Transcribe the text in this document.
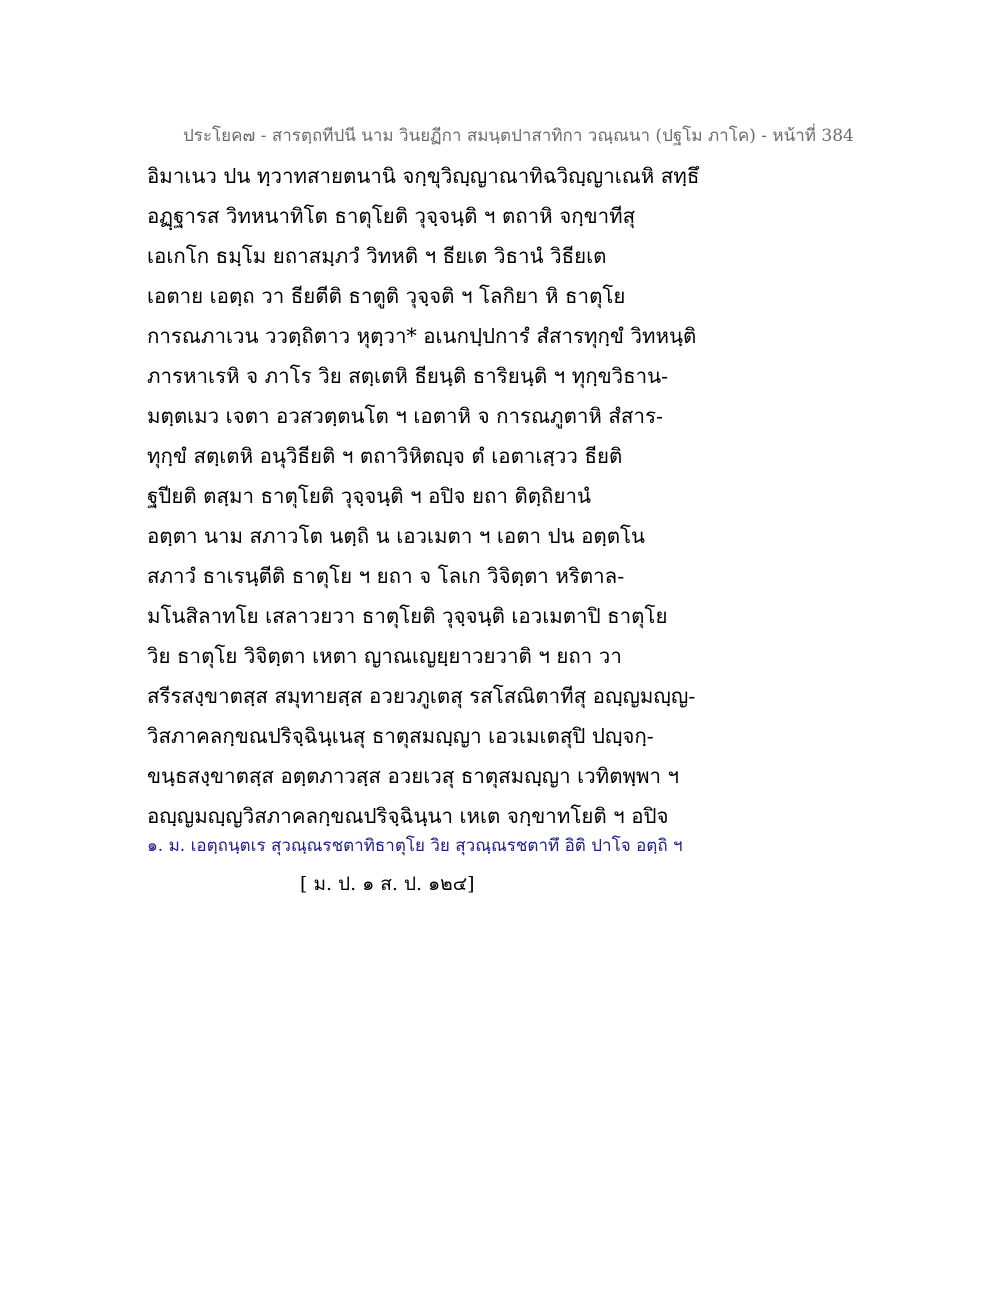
ประโยค๗ - สารตฺถทีปนี นาม วินยฏีกา สมนฺตปาสาทิกา วณฺณนา (ปฐโม ภาโค) - หน้าที่ 384
อิมาเนว ปน ทฺวาทสายตนานิ จกฺขุวิญฺญาณาทิฉวิญฺญาเณหิ สทฺธึ
อฏฺฐารส วิทหนาทิโต ธาตุโยติ วุจฺจนฺติ ฯ ตถาหิ จกฺขาทีสุ
เอเกโก ธมฺโม ยถาสมฺภวํ วิทหติ ฯ ธียเต วิธานํ วิธียเต
เอตาย เอตฺถ วา ธียตีติ ธาตูติ วุจฺจติ ฯ โลกิยา หิ ธาตุโย
การณภาเวน ววตฺถิตาว หุตฺวา* อเนกปฺปการํ สํสารทุกฺขํ วิทหนฺติ
ภารหาเรหิ จ ภาโร วิย สตฺเตหิ ธียนฺติ ธาริยนฺติ ฯ ทุกฺขวิธาน-
มตฺตเมว เจตา อวสวตฺตนโต ฯ เอตาหิ จ การณภูตาหิ สํสาร-
ทุกฺขํ สตฺเตหิ อนุวิธียติ ฯ ตถาวิหิตญฺจ ตํ เอตาเสฺวว ธียติ
ฐปียติ ตสฺมา ธาตุโยติ วุจฺจนฺติ ฯ อปิจ ยถา ติตฺถิยานํ
อตฺตา นาม สภาวโต นตฺถิ น เอวเมตา ฯ เอตา ปน อตฺตโน
สภาวํ ธาเรนฺตีติ ธาตุโย ฯ ยถา จ โลเก วิจิตฺตา หริตาล-
มโนสิลาทโย เสลาวยวา ธาตุโยติ วุจฺจนฺติ เอวเมตาปิ ธาตุโย
วิย ธาตุโย วิจิตฺตา เหตา ญาณเญยฺยาวยวาติ ฯ ยถา วา
สรีรสงฺขาตสฺส สมุทายสฺส อวยวภูเตสุ รสโสณิตาทีสุ อญฺญมญฺญ-
วิสภาคลกฺขณปริจฺฉินฺเนสุ ธาตุสมญฺญา เอวเมเตสุปิ ปญฺจกฺ-
ขนฺธสงฺขาตสฺส อตฺตภาวสฺส อวยเวสุ ธาตุสมญฺญา เวทิตพฺพา ฯ
อญฺญมญฺญวิสภาคลกฺขณปริจฺฉินฺนา เหเต จกฺขาทโยติ ฯ อปิจ
๑. ม. เอตฺถนฺตเร สุวณฺณรชตาทิธาตุโย วิย สุวณฺณรชตาทึ อิติ ปาโจ อตฺถิ ฯ
[ ม. ป. ๑ ส. ป. ๑๒๔]
